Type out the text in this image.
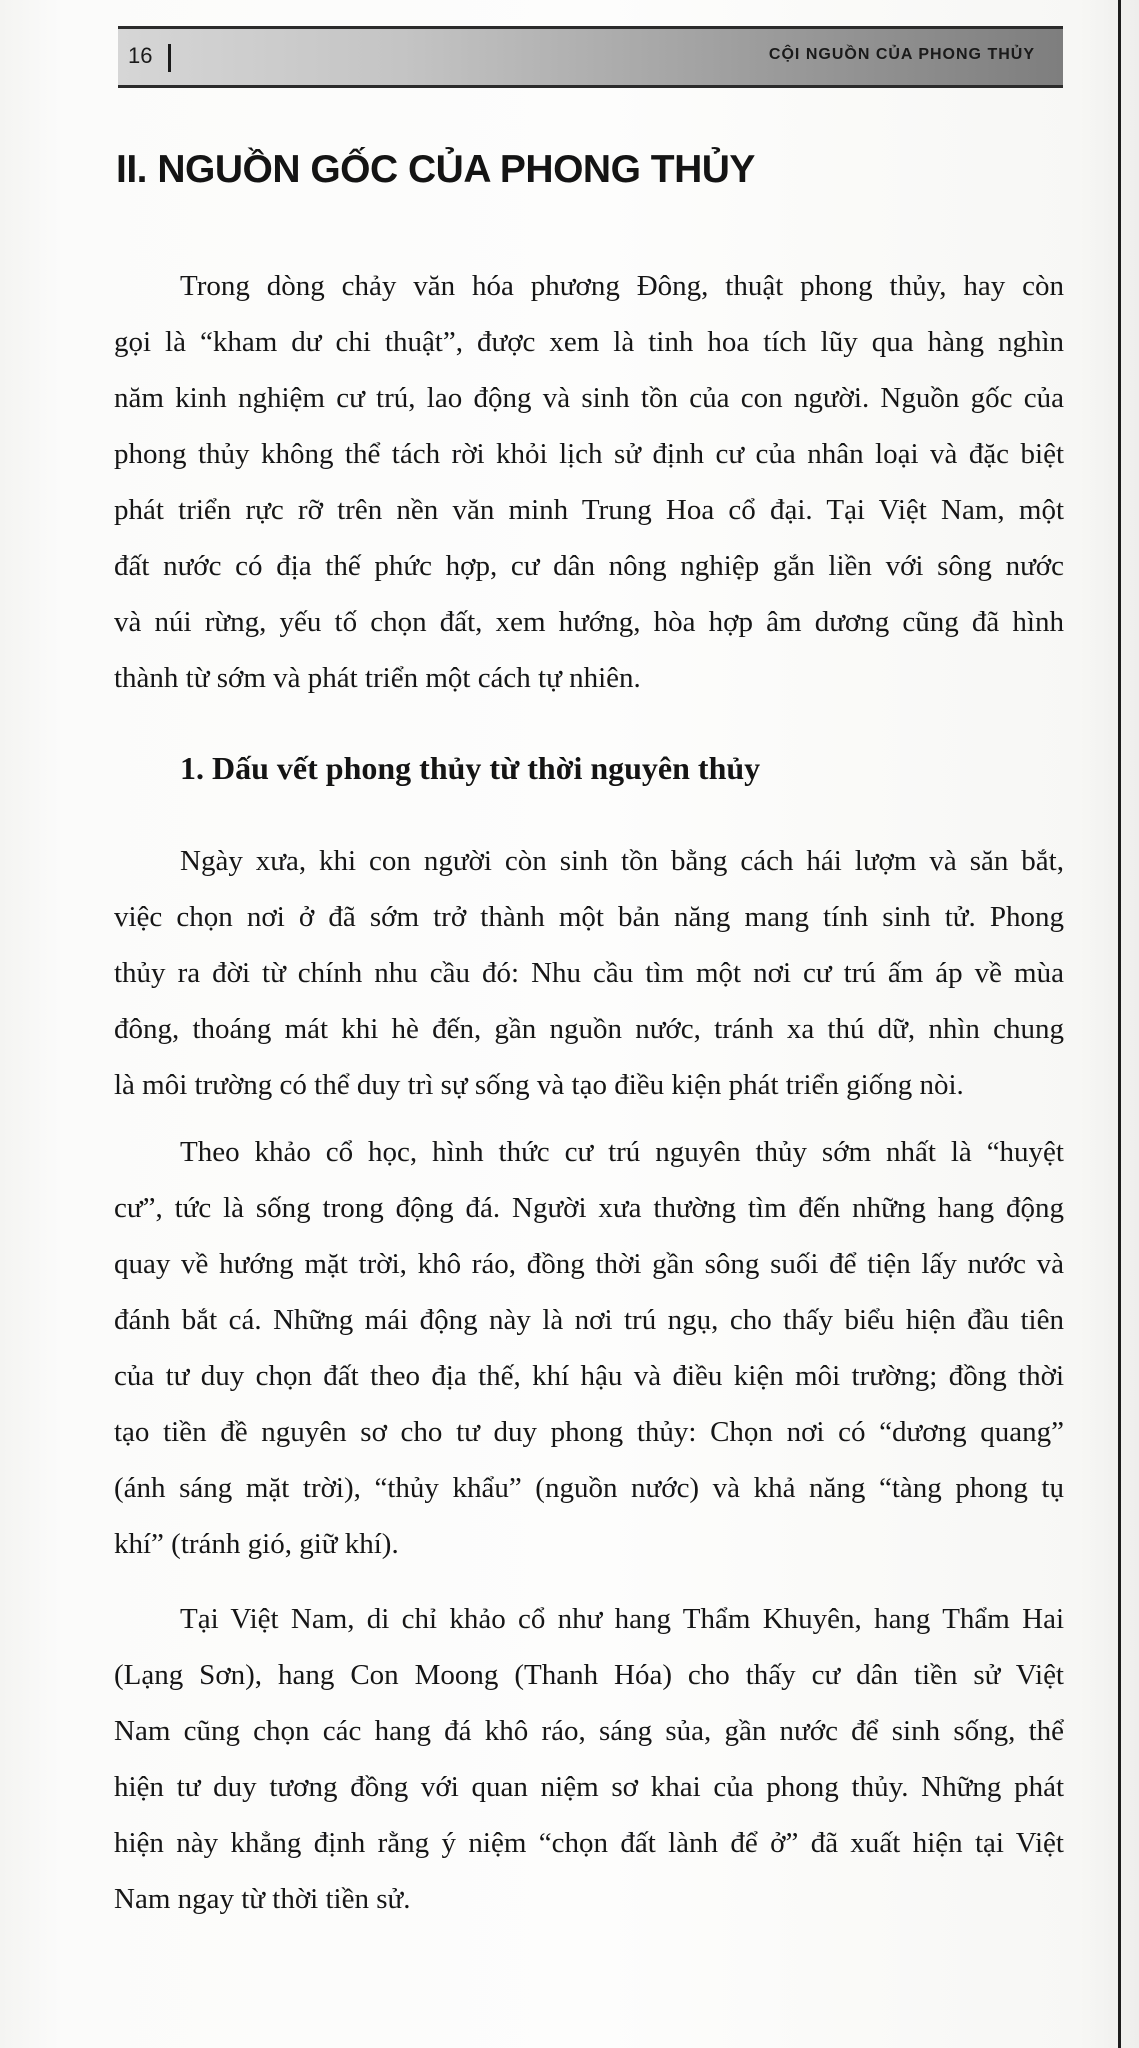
16	CỘI NGUỒN CỦA PHONG THỦY
II. NGUỒN GỐC CỦA PHONG THỦY
Trong dòng chảy văn hóa phương Đông, thuật phong thủy, hay còn
gọi là “kham dư chi thuật”, được xem là tinh hoa tích lũy qua hàng nghìn
năm kinh nghiệm cư trú, lao động và sinh tồn của con người. Nguồn gốc của
phong thủy không thể tách rời khỏi lịch sử định cư của nhân loại và đặc biệt
phát triển rực rỡ trên nền văn minh Trung Hoa cổ đại. Tại Việt Nam, một
đất nước có địa thế phức hợp, cư dân nông nghiệp gắn liền với sông nước
và núi rừng, yếu tố chọn đất, xem hướng, hòa hợp âm dương cũng đã hình
thành từ sớm và phát triển một cách tự nhiên.
1. Dấu vết phong thủy từ thời nguyên thủy
Ngày xưa, khi con người còn sinh tồn bằng cách hái lượm và săn bắt,
việc chọn nơi ở đã sớm trở thành một bản năng mang tính sinh tử. Phong
thủy ra đời từ chính nhu cầu đó: Nhu cầu tìm một nơi cư trú ấm áp về mùa
đông, thoáng mát khi hè đến, gần nguồn nước, tránh xa thú dữ, nhìn chung
là môi trường có thể duy trì sự sống và tạo điều kiện phát triển giống nòi.
Theo khảo cổ học, hình thức cư trú nguyên thủy sớm nhất là “huyệt
cư”, tức là sống trong động đá. Người xưa thường tìm đến những hang động
quay về hướng mặt trời, khô ráo, đồng thời gần sông suối để tiện lấy nước và
đánh bắt cá. Những mái động này là nơi trú ngụ, cho thấy biểu hiện đầu tiên
của tư duy chọn đất theo địa thế, khí hậu và điều kiện môi trường; đồng thời
tạo tiền đề nguyên sơ cho tư duy phong thủy: Chọn nơi có “dương quang”
(ánh sáng mặt trời), “thủy khẩu” (nguồn nước) và khả năng “tàng phong tụ
khí” (tránh gió, giữ khí).
Tại Việt Nam, di chỉ khảo cổ như hang Thẩm Khuyên, hang Thẩm Hai
(Lạng Sơn), hang Con Moong (Thanh Hóa) cho thấy cư dân tiền sử Việt
Nam cũng chọn các hang đá khô ráo, sáng sủa, gần nước để sinh sống, thể
hiện tư duy tương đồng với quan niệm sơ khai của phong thủy. Những phát
hiện này khẳng định rằng ý niệm “chọn đất lành để ở” đã xuất hiện tại Việt
Nam ngay từ thời tiền sử.
